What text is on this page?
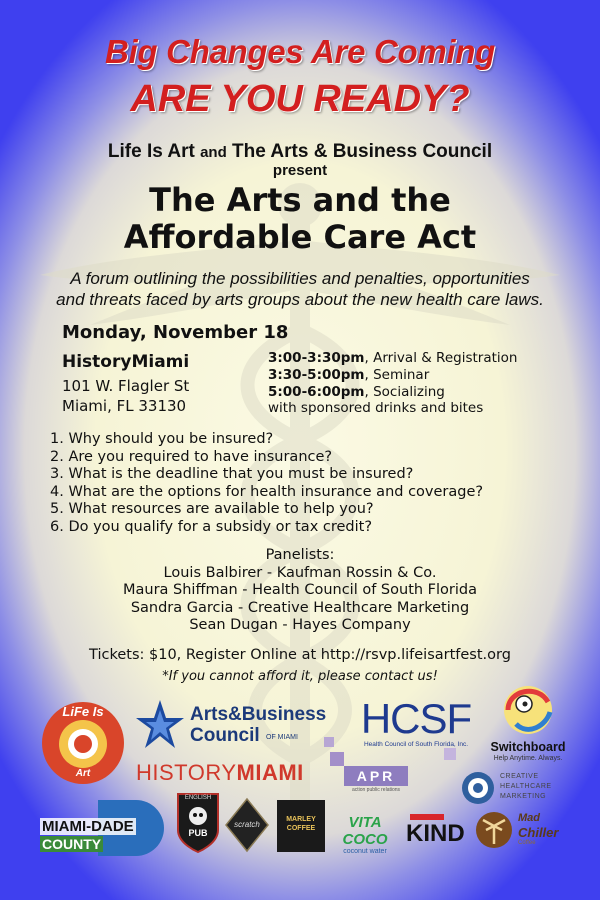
Big Changes Are Coming
ARE YOU READY?
Life Is Art and The Arts & Business Council
present
The Arts and the
Affordable Care Act
A forum outlining the possibilities and penalties, opportunities
and threats faced by arts groups about the new health care laws.
Monday, November 18
HistoryMiami
101 W. Flagler St
Miami, FL 33130
3:00-3:30pm, Arrival & Registration
3:30-5:00pm, Seminar
5:00-6:00pm, Socializing
with sponsored drinks and bites
1. Why should you be insured?
2. Are you required to have insurance?
3. What is the deadline that you must be insured?
4. What are the options for health insurance and coverage?
5. What resources are available to help you?
6. Do you qualify for a subsidy or tax credit?
Panelists:
Louis Balbirer - Kaufman Rossin & Co.
Maura Shiffman - Health Council of South Florida
Sandra Garcia - Creative Healthcare Marketing
Sean Dugan - Hayes Company
Tickets: $10, Register Online at http://rsvp.lifeisartfest.org
*If you cannot afford it, please contact us!
LiFe Is
Art
Arts&Business
Council OF MIAMI
HISTORYMIAMI
HCSF
Health Council of South Florida, Inc.	Switchboard
Help Anytime. Always.
APR
action public relations
CREATIVE
HEALTHCARE
MARKETING
MIAMI-DADE
COUNTY
ENGLISH
PUB
scratch
MARLEY
COFFEE	VITA COCO
coconut water
KIND
Mad
Chiller
Coffee
